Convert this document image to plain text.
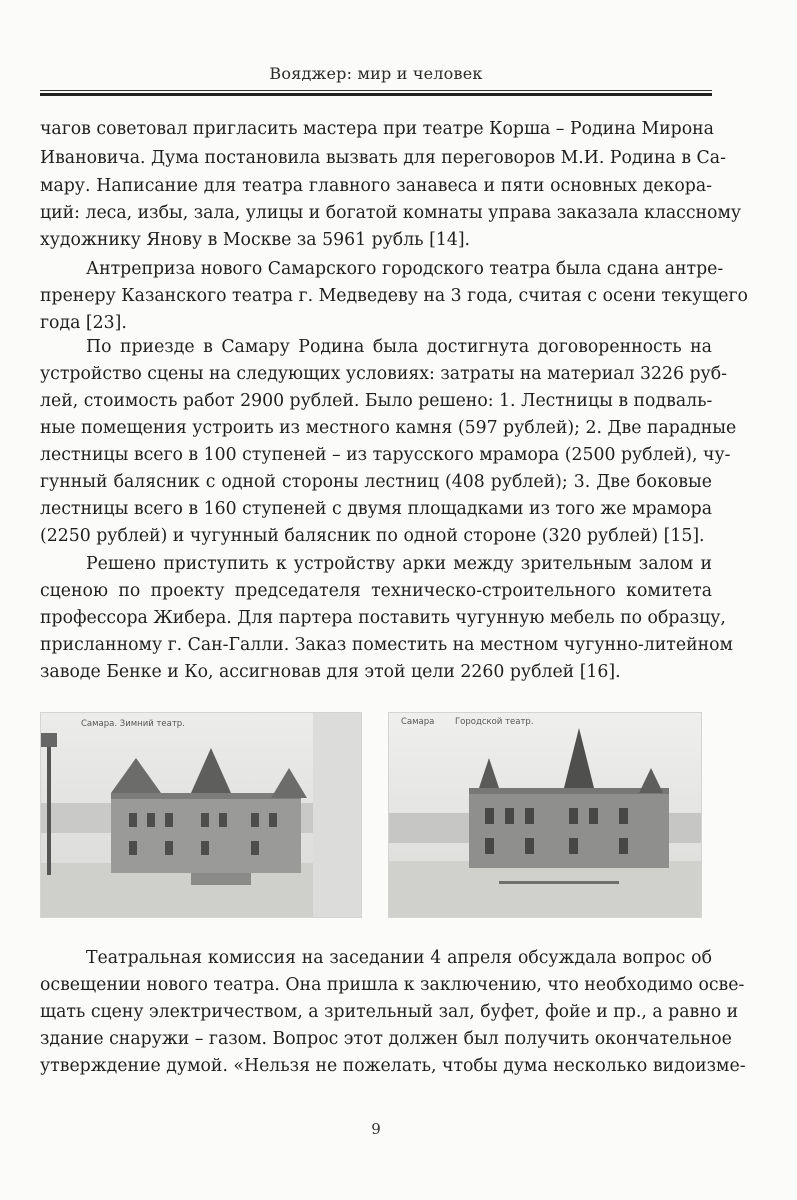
Вояджер: мир и человек
чагов советовал пригласить мастера при театре Корша – Родина Мирона
Ивановича. Дума постановила вызвать для переговоров М.И. Родина в Са-
мару. Написание для театра главного занавеса и пяти основных декора-
ций: леса, избы, зала, улицы и богатой комнаты управа заказала классному
художнику Янову в Москве за 5961 рубль [14].
Антреприза нового Самарского городского театра была сдана антре-
пренеру Казанского театра г. Медведеву на 3 года, считая с осени текущего
года [23].
По приезде в Самару Родина была достигнута договоренность на
устройство сцены на следующих условиях: затраты на материал 3226 руб-
лей, стоимость работ 2900 рублей. Было решено: 1. Лестницы в подваль-
ные помещения устроить из местного камня (597 рублей); 2. Две парадные
лестницы всего в 100 ступеней – из тарусского мрамора (2500 рублей), чу-
гунный балясник с одной стороны лестниц (408 рублей); 3. Две боковые
лестницы всего в 160 ступеней с двумя площадками из того же мрамора
(2250 рублей) и чугунный балясник по одной стороне (320 рублей) [15].
Решено приступить к устройству арки между зрительным залом и
сценою по проекту председателя техническо-строительного комитета
профессора Жибера. Для партера поставить чугунную мебель по образцу,
присланному г. Сан-Галли. Заказ поместить на местном чугунно-литейном
заводе Бенке и Ко, ассигновав для этой цели 2260 рублей [16].
Самара. Зимний театр.	Самара Городской театр.
Театральная комиссия на заседании 4 апреля обсуждала вопрос об
освещении нового театра. Она пришла к заключению, что необходимо осве-
щать сцену электричеством, а зрительный зал, буфет, фойе и пр., а равно и
здание снаружи – газом. Вопрос этот должен был получить окончательное
утверждение думой. «Нельзя не пожелать, чтобы дума несколько видоизме-
9
